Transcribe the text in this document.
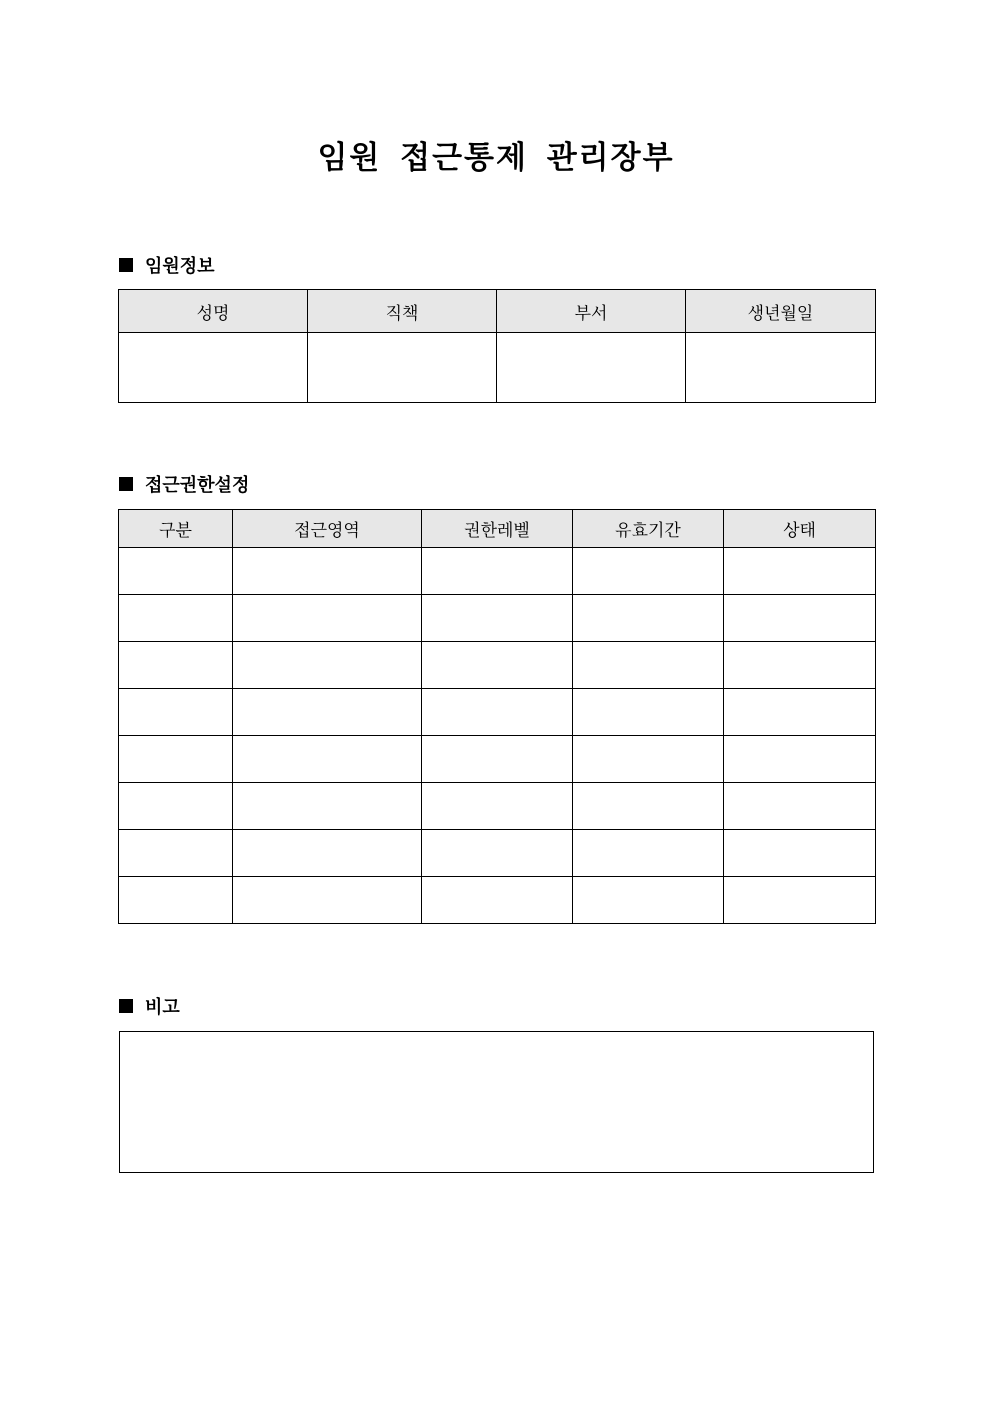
임원 접근통제 관리장부
임원정보
성명	직책	부서	생년월일

접근권한설정
구분	접근영역	권한레벨	유효기간	상태

비고
